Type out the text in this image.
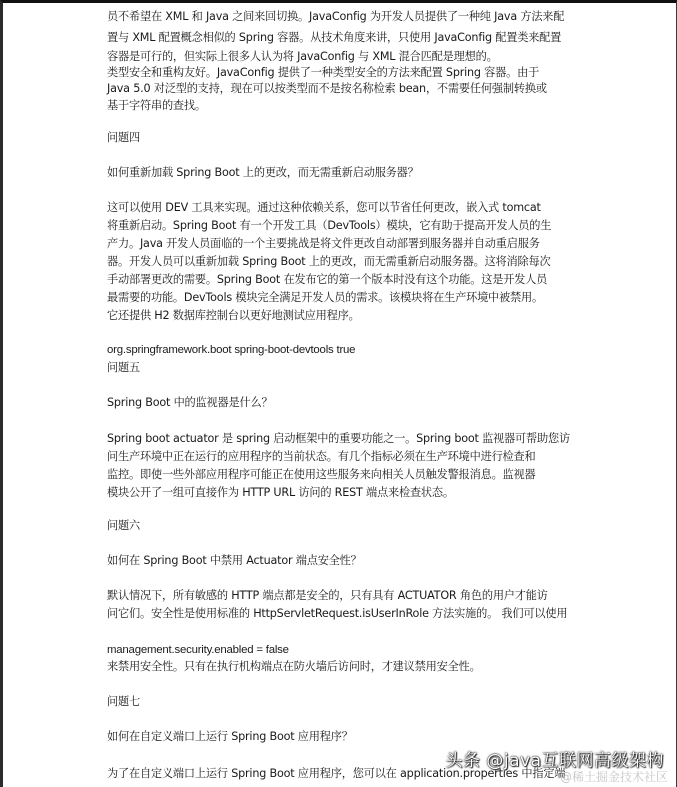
员不希望在 XML 和 Java 之间来回切换。JavaConfig 为开发人员提供了一种纯 Java 方法来配
置与 XML 配置概念相似的 Spring 容器。从技术角度来讲，只使用 JavaConfig 配置类来配置
容器是可行的，但实际上很多人认为将 JavaConfig 与 XML 混合匹配是理想的。
类型安全和重构友好。JavaConfig 提供了一种类型安全的方法来配置 Spring 容器。由于
Java 5.0 对泛型的支持，现在可以按类型而不是按名称检索 bean，不需要任何强制转换或
基于字符串的查找。
问题四
如何重新加载 Spring Boot 上的更改，而无需重新启动服务器？
这可以使用 DEV 工具来实现。通过这种依赖关系，您可以节省任何更改，嵌入式 tomcat
将重新启动。Spring Boot 有一个开发工具（DevTools）模块，它有助于提高开发人员的生
产力。Java 开发人员面临的一个主要挑战是将文件更改自动部署到服务器并自动重启服务
器。开发人员可以重新加载 Spring Boot 上的更改，而无需重新启动服务器。这将消除每次
手动部署更改的需要。Spring Boot 在发布它的第一个版本时没有这个功能。这是开发人员
最需要的功能。DevTools 模块完全满足开发人员的需求。该模块将在生产环境中被禁用。
它还提供 H2 数据库控制台以更好地测试应用程序。
org.springframework.boot spring-boot-devtools true
问题五
Spring Boot 中的监视器是什么？
Spring boot actuator 是 spring 启动框架中的重要功能之一。Spring boot 监视器可帮助您访
问生产环境中正在运行的应用程序的当前状态。有几个指标必须在生产环境中进行检查和
监控。即使一些外部应用程序可能正在使用这些服务来向相关人员触发警报消息。监视器
模块公开了一组可直接作为 HTTP URL 访问的 REST 端点来检查状态。
问题六
如何在 Spring Boot 中禁用 Actuator 端点安全性？
默认情况下，所有敏感的 HTTP 端点都是安全的，只有具有 ACTUATOR 角色的用户才能访
问它们。安全性是使用标准的 HttpServletRequest.isUserInRole 方法实施的。 我们可以使用
management.security.enabled = false
来禁用安全性。只有在执行机构端点在防火墙后访问时，才建议禁用安全性。
问题七
如何在自定义端口上运行 Spring Boot 应用程序？
为了在自定义端口上运行 Spring Boot 应用程序，您可以在 application.properties 中指定端
头条 @java互联网高级架构
@稀土掘金技术社区
